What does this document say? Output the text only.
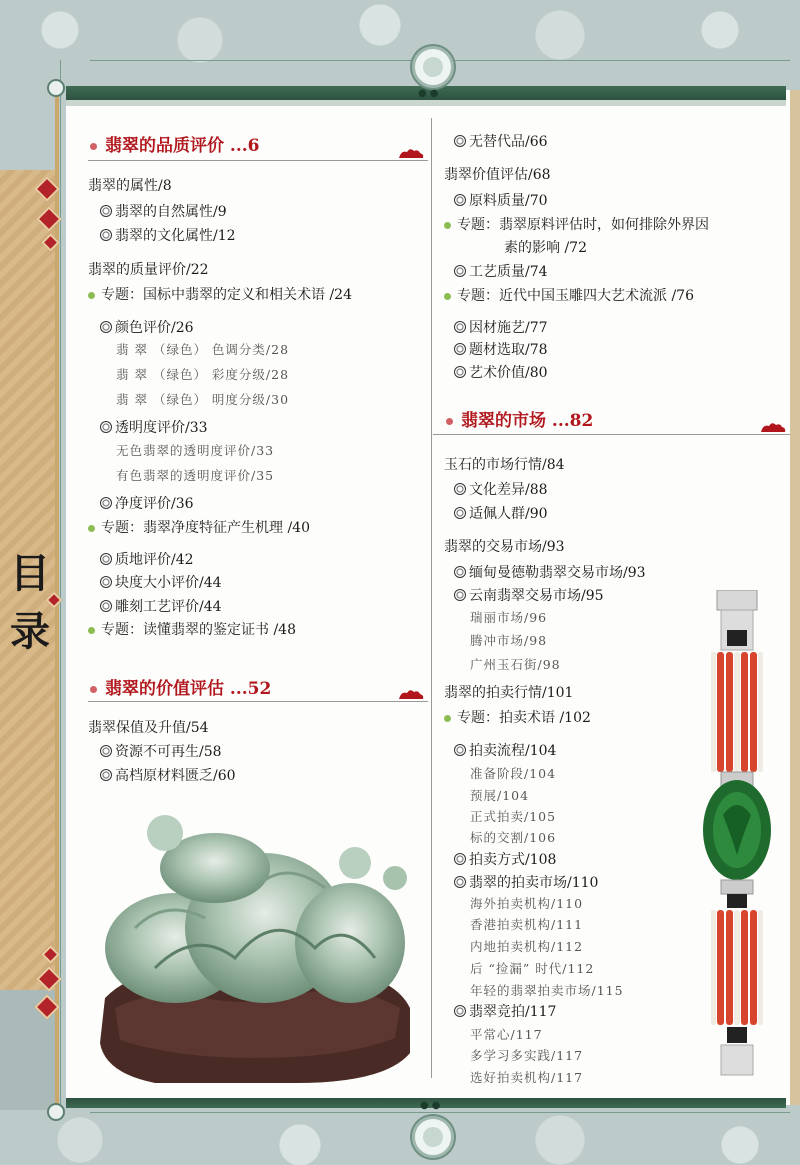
●●
●●
目
录
翡翠的品质评价 ...6
翡翠的价值评估 ...52
翡翠的属性/8
翡翠的自然属性/9
翡翠的文化属性/12
翡翠的质量评价/22
专题：国标中翡翠的定义和相关术语 /24
颜色评价/26
翡 翠 （绿色） 色调分类/28
翡 翠 （绿色） 彩度分级/28
翡 翠 （绿色） 明度分级/30
透明度评价/33
无色翡翠的透明度评价/33
有色翡翠的透明度评价/35
净度评价/36
专题：翡翠净度特征产生机理 /40
质地评价/42
块度大小评价/44
雕刻工艺评价/44
专题：读懂翡翠的鉴定证书 /48
翡翠保值及升值/54
资源不可再生/58
高档原材料匮乏/60
翡翠的市场 ...82
无替代品/66
翡翠价值评估/68
原料质量/70
专题：翡翠原料评估时，如何排除外界因
素的影响 /72
工艺质量/74
专题：近代中国玉雕四大艺术流派 /76
因材施艺/77
题材选取/78
艺术价值/80
玉石的市场行情/84
文化差异/88
适佩人群/90
翡翠的交易市场/93
缅甸曼德勒翡翠交易市场/93
云南翡翠交易市场/95
瑞丽市场/96
腾冲市场/98
广州玉石街/98
翡翠的拍卖行情/101
专题：拍卖术语 /102
拍卖流程/104
准备阶段/104
预展/104
正式拍卖/105
标的交割/106
拍卖方式/108
翡翠的拍卖市场/110
海外拍卖机构/110
香港拍卖机构/111
内地拍卖机构/112
后 “捡漏” 时代/112
年轻的翡翠拍卖市场/115
翡翠竞拍/117
平常心/117
多学习多实践/117
选好拍卖机构/117
